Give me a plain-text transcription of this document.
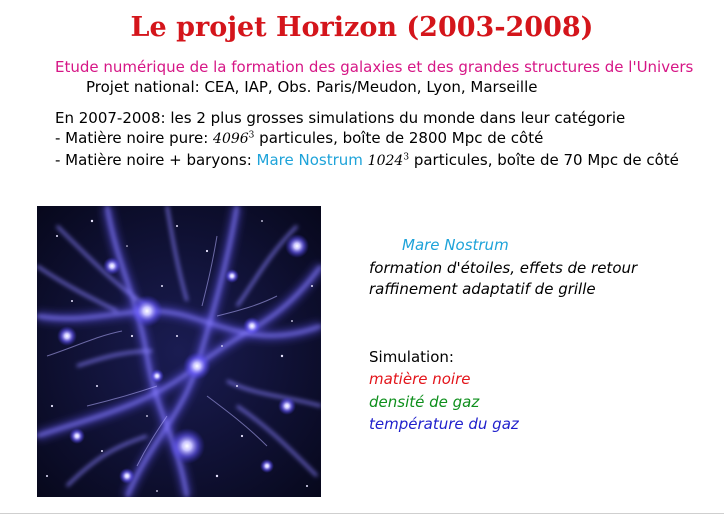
Le projet Horizon (2003-2008)
Etude numérique de la formation des galaxies et des grandes structures de l'Univers
Projet national: CEA, IAP, Obs. Paris/Meudon, Lyon, Marseille
En 2007-2008: les 2 plus grosses simulations du monde dans leur catégorie
- Matière noire pure: 4096$^3$ particules, boîte de 2800 Mpc de côté
- Matière noire + baryons: Mare Nostrum 1024$^3$ particules, boîte de 70 Mpc de côté
Mare Nostrum
formation d'étoiles, effets de retour
raffinement adaptatif de grille
Simulation:
matière noire
densité de gaz
température du gaz
